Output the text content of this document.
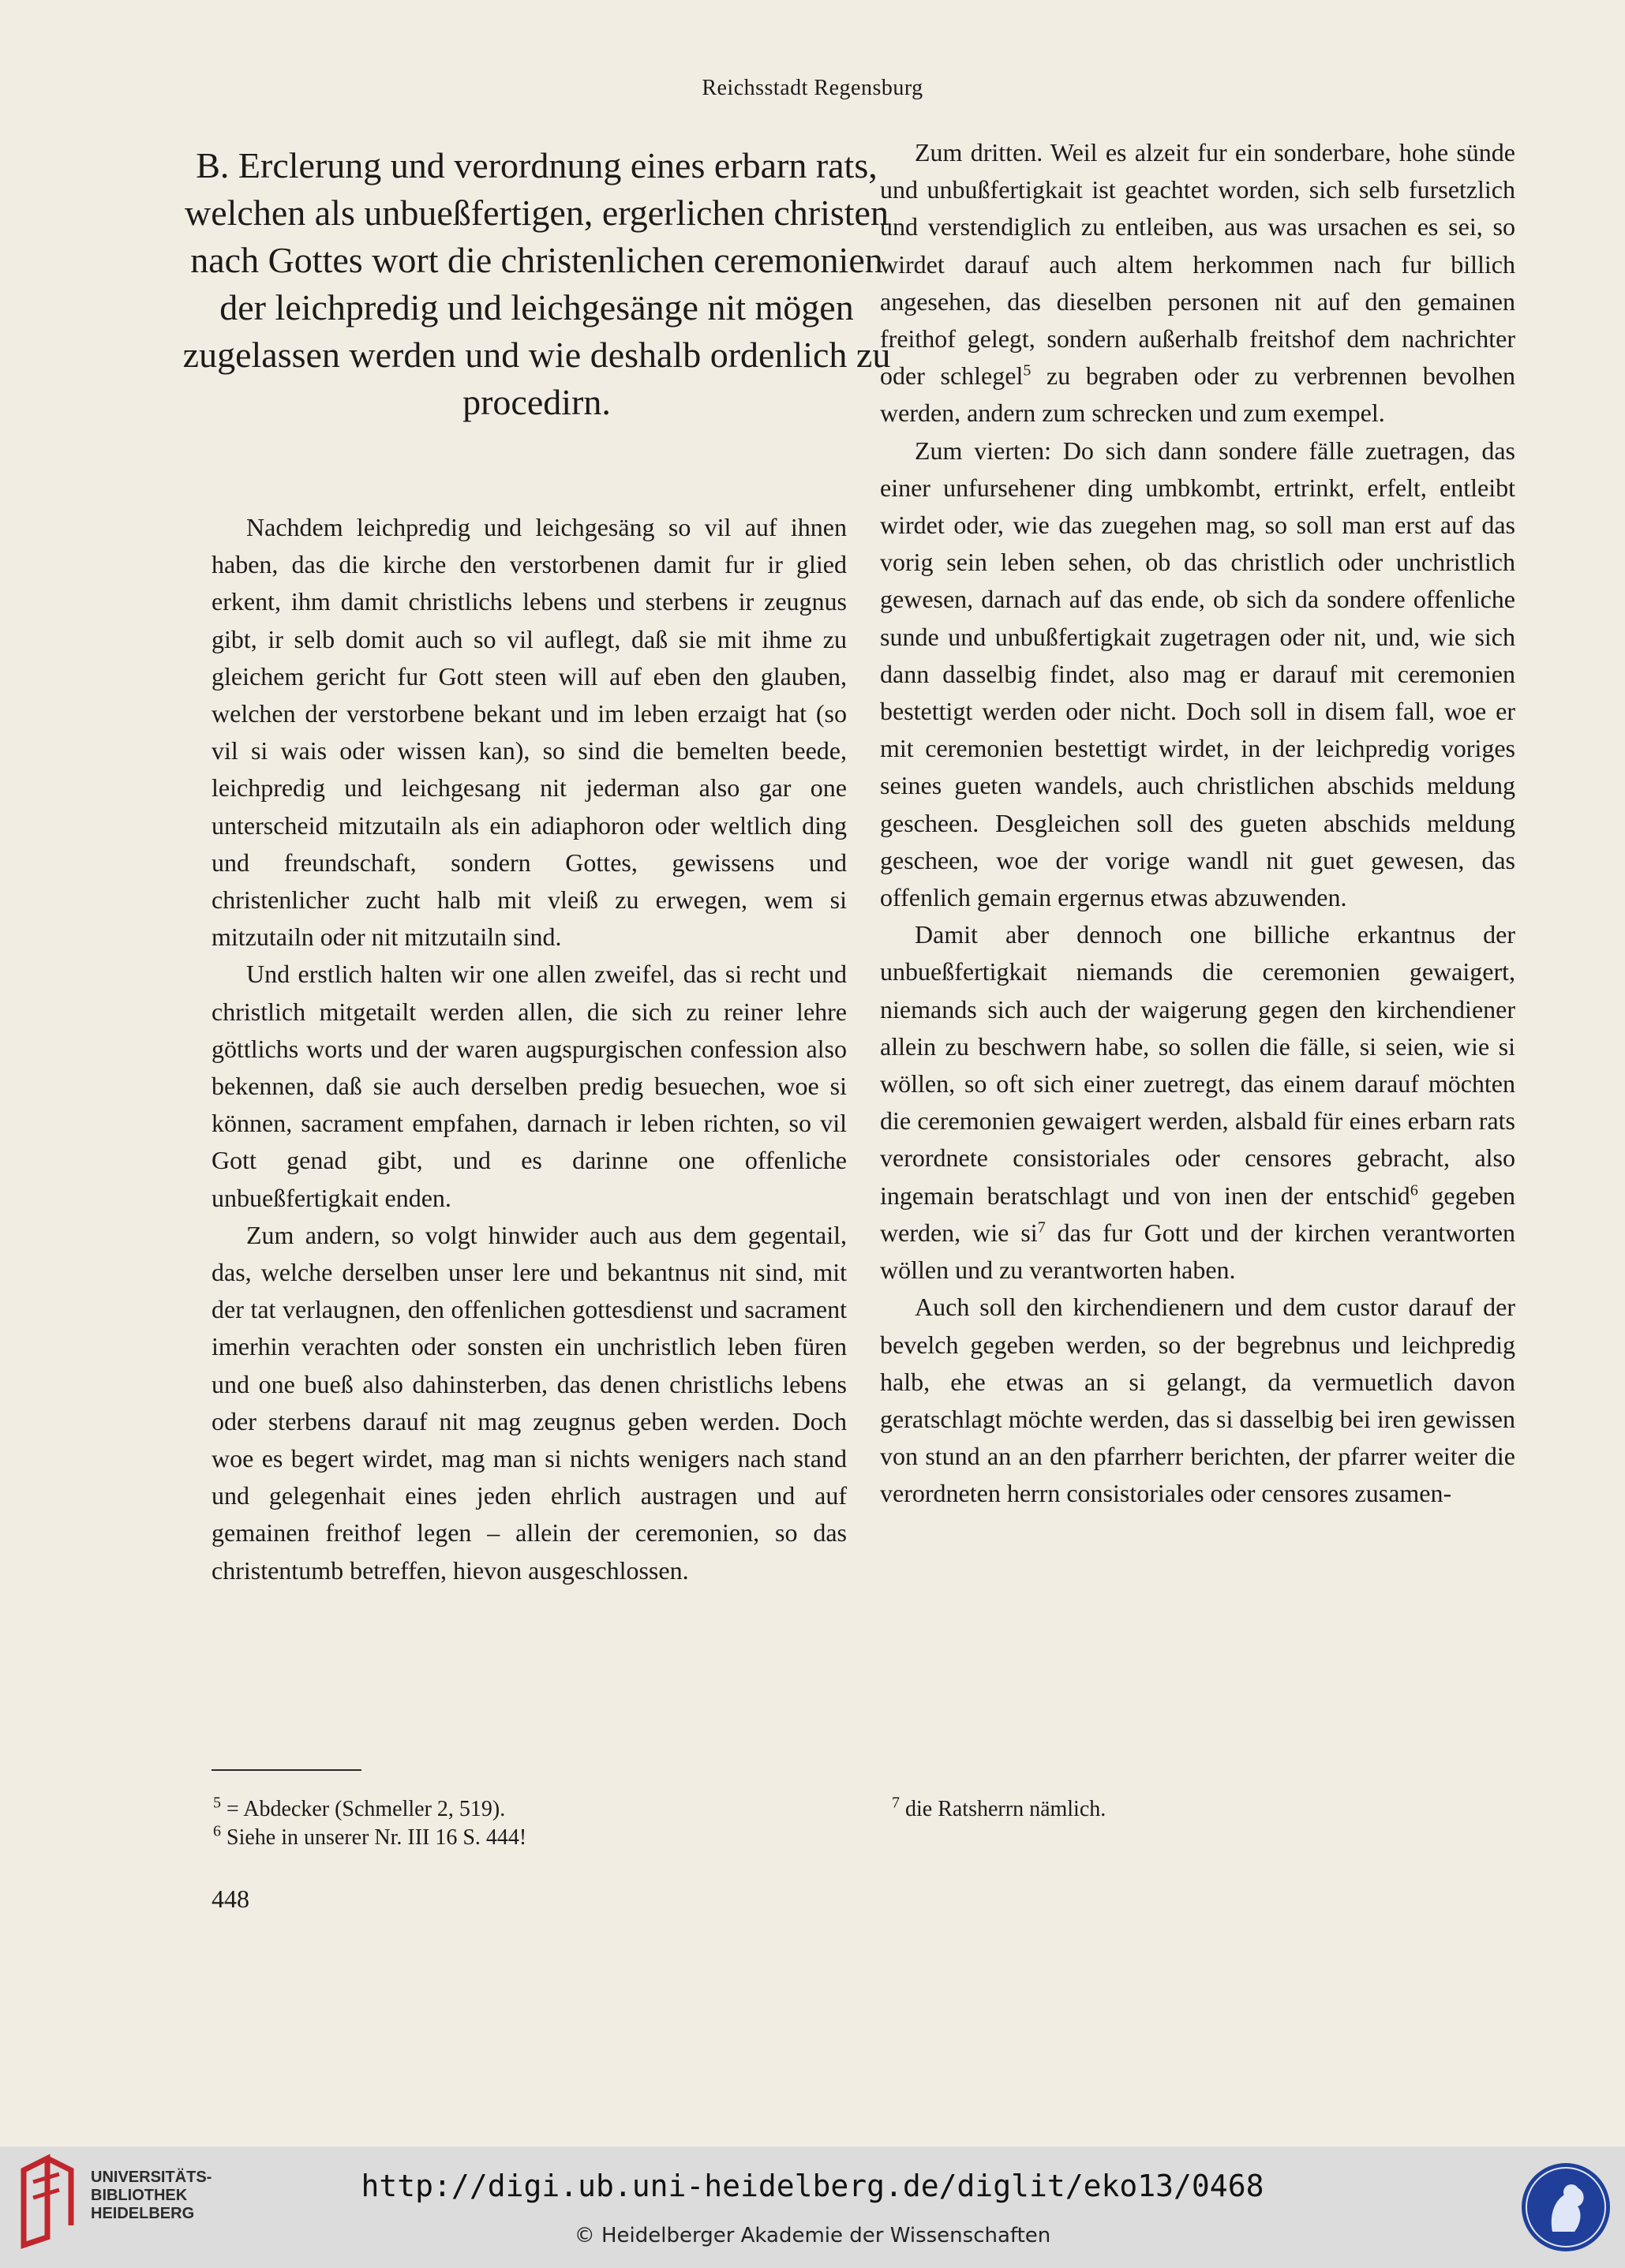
Reichsstadt Regensburg
B. Erclerung und verordnung eines erbarn rats, welchen als unbueßfertigen, ergerlichen christen nach Gottes wort die christenlichen ceremonien der leichpredig und leichgesänge nit mögen zugelassen werden und wie deshalb ordenlich zu procedirn.

Nachdem leichpredig und leichgesäng so vil auf ihnen haben, das die kirche den verstorbenen damit fur ir glied erkent, ihm damit christlichs lebens und sterbens ir zeugnus gibt, ir selb domit auch so vil auflegt, daß sie mit ihme zu gleichem gericht fur Gott steen will auf eben den glauben, welchen der verstorbene bekant und im leben erzaigt hat (so vil si wais oder wissen kan), so sind die bemelten beede, leichpredig und leichgesang nit jederman also gar one unterscheid mitzutailn als ein adiaphoron oder weltlich ding und freundschaft, sondern Gottes, gewissens und christenlicher zucht halb mit vleiß zu erwegen, wem si mitzutailn oder nit mitzutailn sind.

Und erstlich halten wir one allen zweifel, das si recht und christlich mitgetailt werden allen, die sich zu reiner lehre göttlichs worts und der waren augspurgischen confession also bekennen, daß sie auch derselben predig besuechen, woe si können, sacrament empfahen, darnach ir leben richten, so vil Gott genad gibt, und es darinne one offenliche unbueßfertigkait enden.

Zum andern, so volgt hinwider auch aus dem gegentail, das, welche derselben unser lere und bekantnus nit sind, mit der tat verlaugnen, den offenlichen gottesdienst und sacrament imerhin verachten oder sonsten ein unchristlich leben füren und one bueß also dahinsterben, das denen christlichs lebens oder sterbens darauf nit mag zeugnus geben werden. Doch woe es begert wirdet, mag man si nichts wenigers nach stand und gelegenhait eines jeden ehrlich austragen und auf gemainen freithof legen – allein der ceremonien, so das christentumb betreffen, hievon ausgeschlossen.

Zum dritten. Weil es alzeit fur ein sonderbare, hohe sünde und unbußfertigkait ist geachtet worden, sich selb fursetzlich und verstendiglich zu entleiben, aus was ursachen es sei, so wirdet darauf auch altem herkommen nach fur billich angesehen, das dieselben personen nit auf den gemainen freithof gelegt, sondern außerhalb freitshof dem nachrichter oder schlegel$^5$ zu begraben oder zu verbrennen bevolhen werden, andern zum schrecken und zum exempel.

Zum vierten: Do sich dann sondere fälle zuetragen, das einer unfursehener ding umbkombt, ertrinkt, erfelt, entleibt wirdet oder, wie das zuegehen mag, so soll man erst auf das vorig sein leben sehen, ob das christlich oder unchristlich gewesen, darnach auf das ende, ob sich da sondere offenliche sunde und unbußfertigkait zugetragen oder nit, und, wie sich dann dasselbig findet, also mag er darauf mit ceremonien bestettigt werden oder nicht. Doch soll in disem fall, woe er mit ceremonien bestettigt wirdet, in der leichpredig voriges seines gueten wandels, auch christlichen abschids meldung gescheen. Desgleichen soll des gueten abschids meldung gescheen, woe der vorige wandl nit guet gewesen, das offenlich gemain ergernus etwas abzuwenden.

Damit aber dennoch one billiche erkantnus der unbueßfertigkait niemands die ceremonien gewaigert, niemands sich auch der waigerung gegen den kirchendiener allein zu beschwern habe, so sollen die fälle, si seien, wie si wöllen, so oft sich einer zuetregt, das einem darauf möchten die ceremonien gewaigert werden, alsbald für eines erbarn rats verordnete consistoriales oder censores gebracht, also ingemain beratschlagt und von inen der entschid$^6$ gegeben werden, wie $si^7$ das fur Gott und der kirchen verantworten wöllen und zu verantworten haben.

Auch soll den kirchendienern und dem custor darauf der bevelch gegeben werden, so der begrebnus und leichpredig halb, ehe etwas an si gelangt, da vermuetlich davon geratschlagt möchte werden, das si dasselbig bei iren gewissen von stund an an den pfarrherr berichten, der pfarrer weiter die verordneten herrn consistoriales oder censores zusamen-

$^5$ = Abdecker (Schmeller 2, 519).
$^6$ Siehe in unserer Nr. III 16 S. 444!
$^7$ die Ratsherrn nämlich.
448
UNIVERSITÄTS-
BIBLIOTHEK
HEIDELBERG
http://digi.ub.uni-heidelberg.de/diglit/eko13/0468
© Heidelberger Akademie der Wissenschaften
